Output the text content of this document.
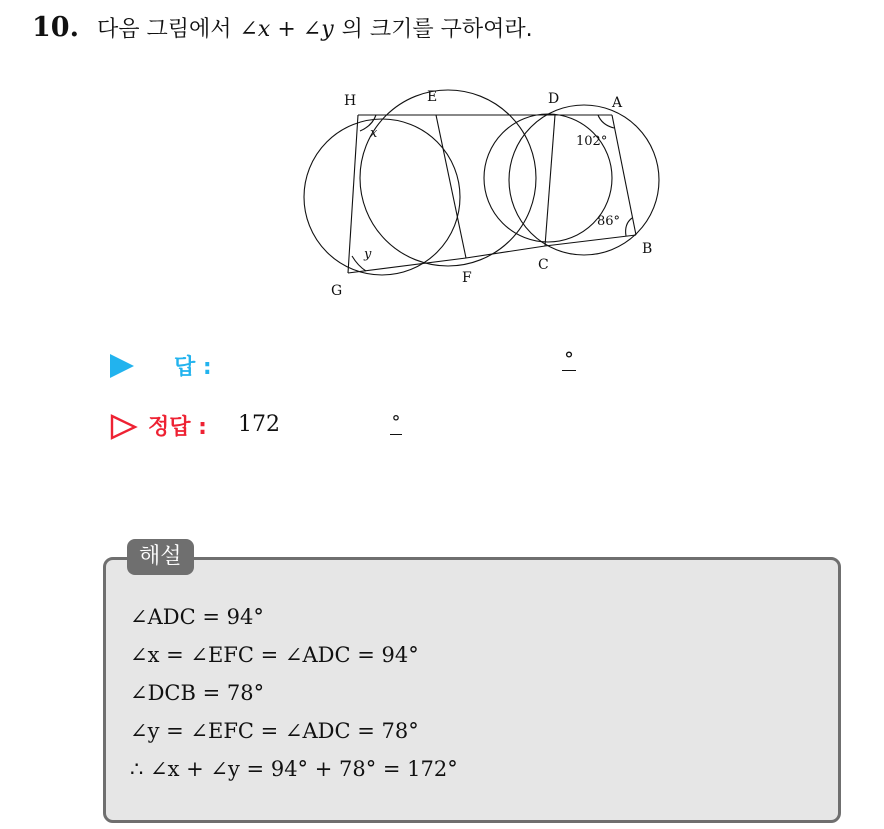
10. 다음 그림에서 ∠x + ∠y 의 크기를 구하여라.
H	E	D	A
B
C
F
G
x
y
102°
86°
답 :	°
정답 : 172	°
해설
∠ADC = 94°
∠x = ∠EFC = ∠ADC = 94°
∠DCB = 78°
∠y = ∠EFC = ∠ADC = 78°
∴ ∠x + ∠y = 94° + 78° = 172°
